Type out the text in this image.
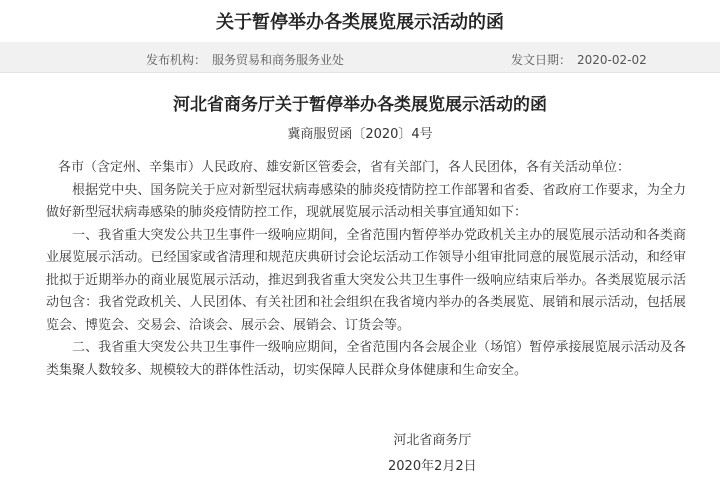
关于暂停举办各类展览展示活动的函
发布机构： 服务贸易和商务服务业处	发文日期： 2020-02-02
河北省商务厅关于暂停举办各类展览展示活动的函
冀商服贸函〔2020〕4号

各市（含定州、辛集市）人民政府、雄安新区管委会，省有关部门，各人民团体，各有关活动单位：

根据党中央、国务院关于应对新型冠状病毒感染的肺炎疫情防控工作部署和省委、省政府工作要求，为全力做好新型冠状病毒感染的肺炎疫情防控工作，现就展览展示活动相关事宜通知如下：

一、我省重大突发公共卫生事件一级响应期间，全省范围内暂停举办党政机关主办的展览展示活动和各类商业展览展示活动。已经国家或省清理和规范庆典研讨会论坛活动工作领导小组审批同意的展览展示活动，和经审批拟于近期举办的商业展览展示活动，推迟到我省重大突发公共卫生事件一级响应结束后举办。各类展览展示活动包含：我省党政机关、人民团体、有关社团和社会组织在我省境内举办的各类展览、展销和展示活动，包括展览会、博览会、交易会、洽谈会、展示会、展销会、订货会等。

二、我省重大突发公共卫生事件一级响应期间，全省范围内各会展企业（场馆）暂停承接展览展示活动及各类集聚人数较多、规模较大的群体性活动，切实保障人民群众身体健康和生命安全。

河北省商务厅
2020年2月2日
